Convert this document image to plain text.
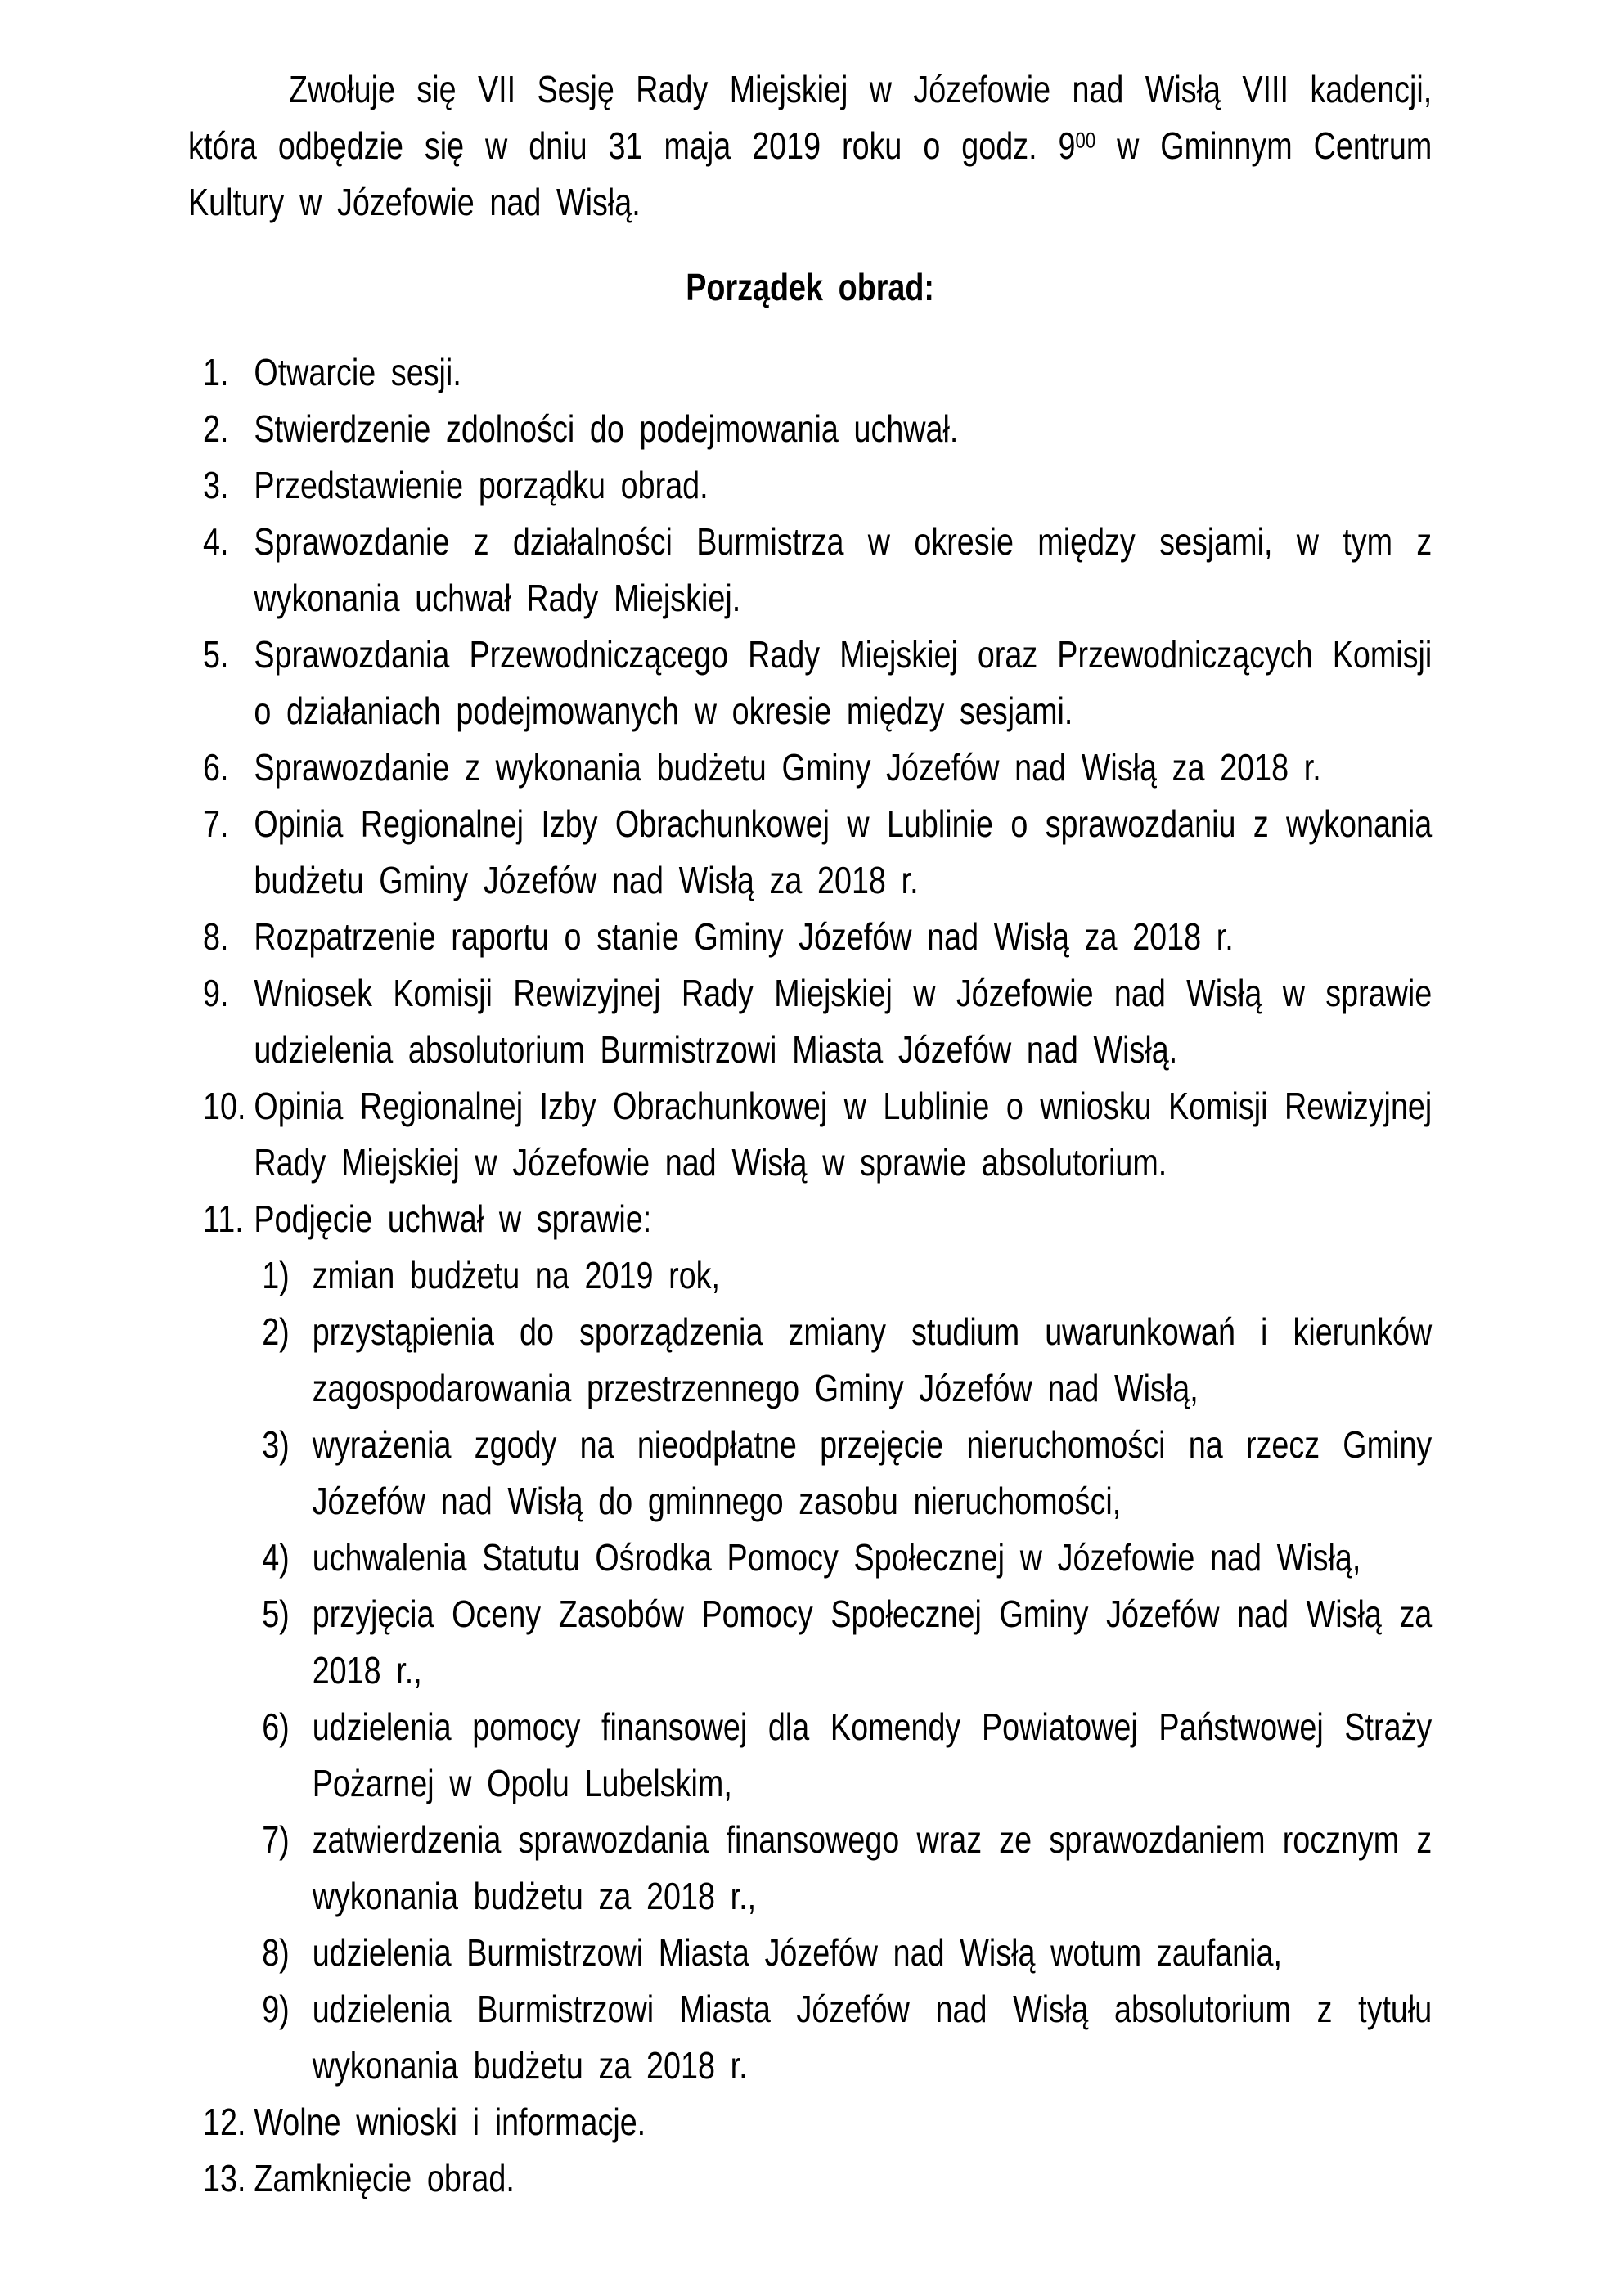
Zwołuje się VII Sesję Rady Miejskiej w Józefowie nad Wisłą VIII kadencji, która odbędzie się w dniu 31 maja 2019 roku o godz. $9^{00}$ w Gminnym Centrum Kultury w Józefowie nad Wisłą.

Porządek obrad:
1. Otwarcie sesji.
2. Stwierdzenie zdolności do podejmowania uchwał.
3. Przedstawienie porządku obrad.
4. Sprawozdanie z działalności Burmistrza w okresie między sesjami, w tym z wykonania uchwał Rady Miejskiej.
5. Sprawozdania Przewodniczącego Rady Miejskiej oraz Przewodniczących Komisji o działaniach podejmowanych w okresie między sesjami.
6. Sprawozdanie z wykonania budżetu Gminy Józefów nad Wisłą za 2018 r.
7. Opinia Regionalnej Izby Obrachunkowej w Lublinie o sprawozdaniu z wykonania budżetu Gminy Józefów nad Wisłą za 2018 r.
8. Rozpatrzenie raportu o stanie Gminy Józefów nad Wisłą za 2018 r.
9. Wniosek Komisji Rewizyjnej Rady Miejskiej w Józefowie nad Wisłą w sprawie udzielenia absolutorium Burmistrzowi Miasta Józefów nad Wisłą.
10. Opinia Regionalnej Izby Obrachunkowej w Lublinie o wniosku Komisji Rewizyjnej Rady Miejskiej w Józefowie nad Wisłą w sprawie absolutorium.
11. Podjęcie uchwał w sprawie:
1) zmian budżetu na 2019 rok,
2) przystąpienia do sporządzenia zmiany studium uwarunkowań i kierunków zagospodarowania przestrzennego Gminy Józefów nad Wisłą,
3) wyrażenia zgody na nieodpłatne przejęcie nieruchomości na rzecz Gminy Józefów nad Wisłą do gminnego zasobu nieruchomości,
4) uchwalenia Statutu Ośrodka Pomocy Społecznej w Józefowie nad Wisłą,
5) przyjęcia Oceny Zasobów Pomocy Społecznej Gminy Józefów nad Wisłą za 2018 r.,
6) udzielenia pomocy finansowej dla Komendy Powiatowej Państwowej Straży Pożarnej w Opolu Lubelskim,
7) zatwierdzenia sprawozdania finansowego wraz ze sprawozdaniem rocznym z wykonania budżetu za 2018 r.,
8) udzielenia Burmistrzowi Miasta Józefów nad Wisłą wotum zaufania,
9) udzielenia Burmistrzowi Miasta Józefów nad Wisłą absolutorium z tytułu wykonania budżetu za 2018 r.
12. Wolne wnioski i informacje.
13. Zamknięcie obrad.
